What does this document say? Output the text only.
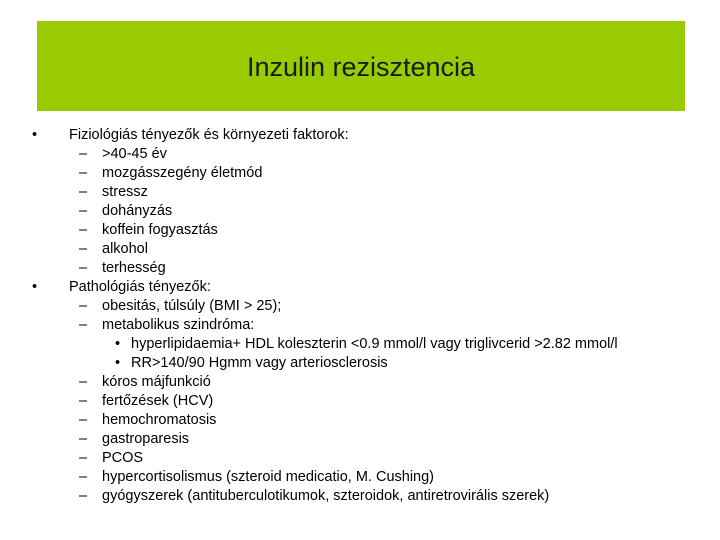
Inzulin rezisztencia
• Fiziológiás tényezők és környezeti faktorok:
– >40-45 év
– mozgásszegény életmód
– stressz
– dohányzás
– koffein fogyasztás
– alkohol
– terhesség
• Pathológiás tényezők:
– obesitás, túlsúly (BMI > 25);
– metabolikus szindróma:
• hyperlipidaemia+ HDL koleszterin <0.9 mmol/l vagy triglivcerid >2.82 mmol/l
• RR>140/90 Hgmm vagy arteriosclerosis
– kóros májfunkció
– fertőzések (HCV)
– hemochromatosis
– gastroparesis
– PCOS
– hypercortisolismus (szteroid medicatio, M. Cushing)
– gyógyszerek (antituberculotikumok, szteroidok, antiretrovirális szerek)
